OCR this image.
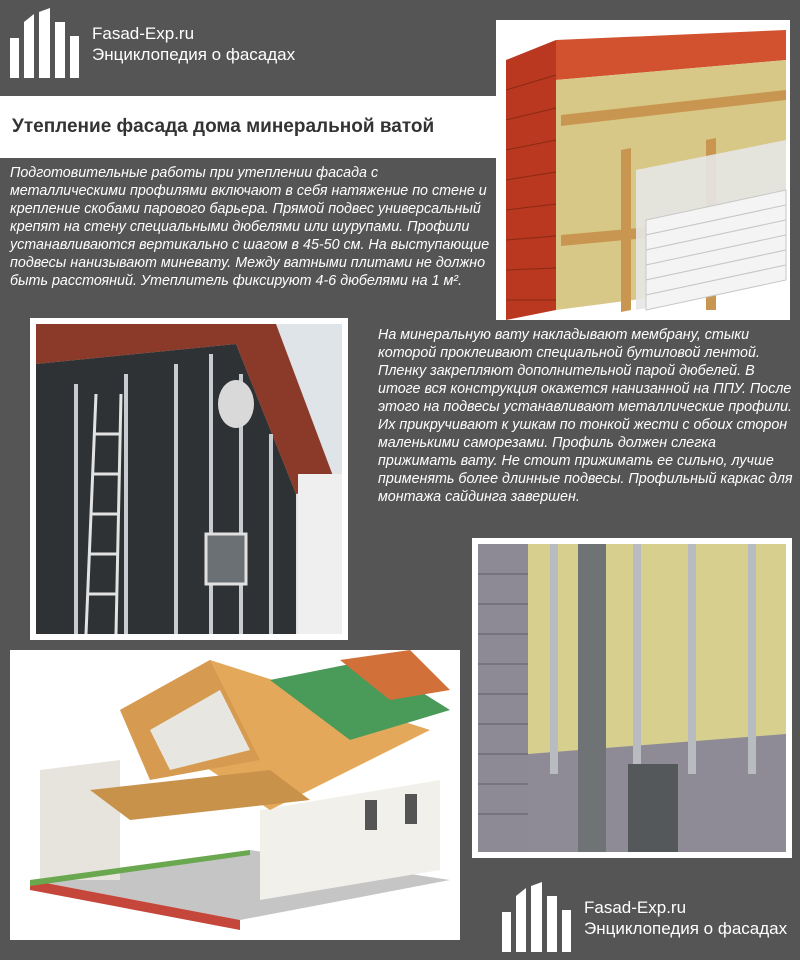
Fasad-Exp.ru
Энциклопедия о фасадах
Утепление фасада дома минеральной ватой
Подготовительные работы при утеплении фасада с металлическими профилями включают в себя натяжение по стене и крепление скобами парового барьера. Прямой подвес универсальный крепят на стену специальными дюбелями или шурупами. Профили устанавливаются вертикально с шагом в 45-50 см. На выступающие подвесы нанизывают миневату. Между ватными плитами не должно быть расстояний. Утеплитель фиксируют 4-6 дюбелями на 1 м².
На минеральную вату накладывают мембрану, стыки которой проклеивают специальной бутиловой лентой. Пленку закрепляют дополнительной парой дюбелей. В итоге вся конструкция окажется нанизанной на ППУ. После этого на подвесы устанавливают металлические профили. Их прикручивают к ушкам по тонкой жести с обоих сторон маленькими саморезами. Профиль должен слегка прижимать вату. Не стоит прижимать ее сильно, лучше применять более длинные подвесы. Профильный каркас для монтажа сайдинга завершен.
Fasad-Exp.ru
Энциклопедия о фасадах
